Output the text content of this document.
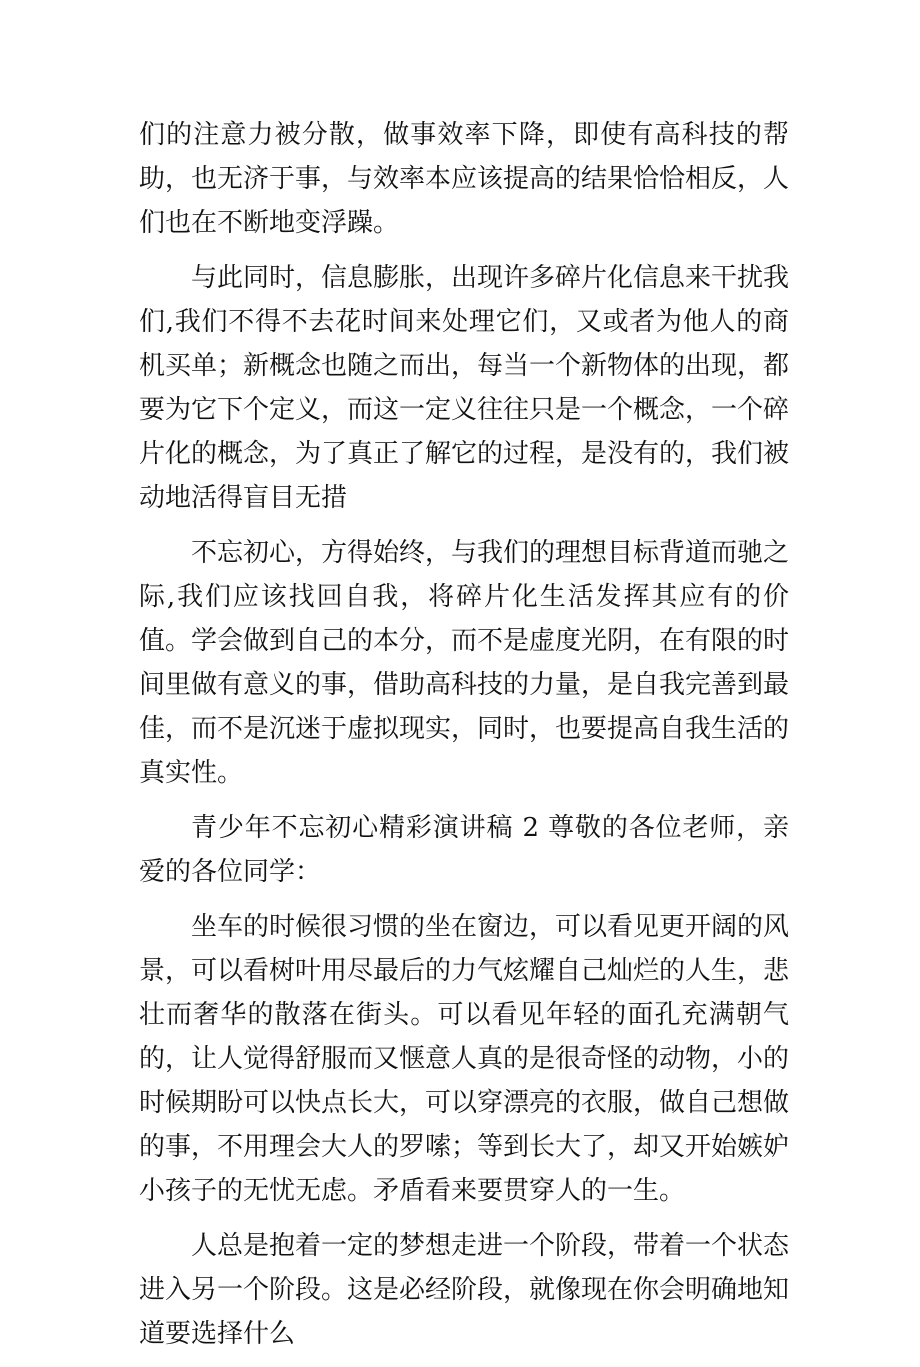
们的注意力被分散，做事效率下降，即使有高科技的帮助，也无济于事，与效率本应该提高的结果恰恰相反，人们也在不断地变浮躁。

与此同时，信息膨胀，出现许多碎片化信息来干扰我们,我们不得不去花时间来处理它们，又或者为他人的商机买单；新概念也随之而出，每当一个新物体的出现，都要为它下个定义，而这一定义往往只是一个概念，一个碎片化的概念，为了真正了解它的过程，是没有的，我们被动地活得盲目无措

不忘初心，方得始终，与我们的理想目标背道而驰之际,我们应该找回自我，将碎片化生活发挥其应有的价值。学会做到自己的本分，而不是虚度光阴，在有限的时间里做有意义的事，借助高科技的力量，是自我完善到最佳，而不是沉迷于虚拟现实，同时，也要提高自我生活的真实性。

青少年不忘初心精彩演讲稿 2 尊敬的各位老师，亲爱的各位同学：

坐车的时候很习惯的坐在窗边，可以看见更开阔的风景，可以看树叶用尽最后的力气炫耀自己灿烂的人生，悲壮而奢华的散落在街头。可以看见年轻的面孔充满朝气的，让人觉得舒服而又惬意人真的是很奇怪的动物，小的时候期盼可以快点长大，可以穿漂亮的衣服，做自己想做的事，不用理会大人的罗嗦；等到长大了，却又开始嫉妒小孩子的无忧无虑。矛盾看来要贯穿人的一生。

人总是抱着一定的梦想走进一个阶段，带着一个状态进入另一个阶段。这是必经阶段，就像现在你会明确地知道要选择什么
